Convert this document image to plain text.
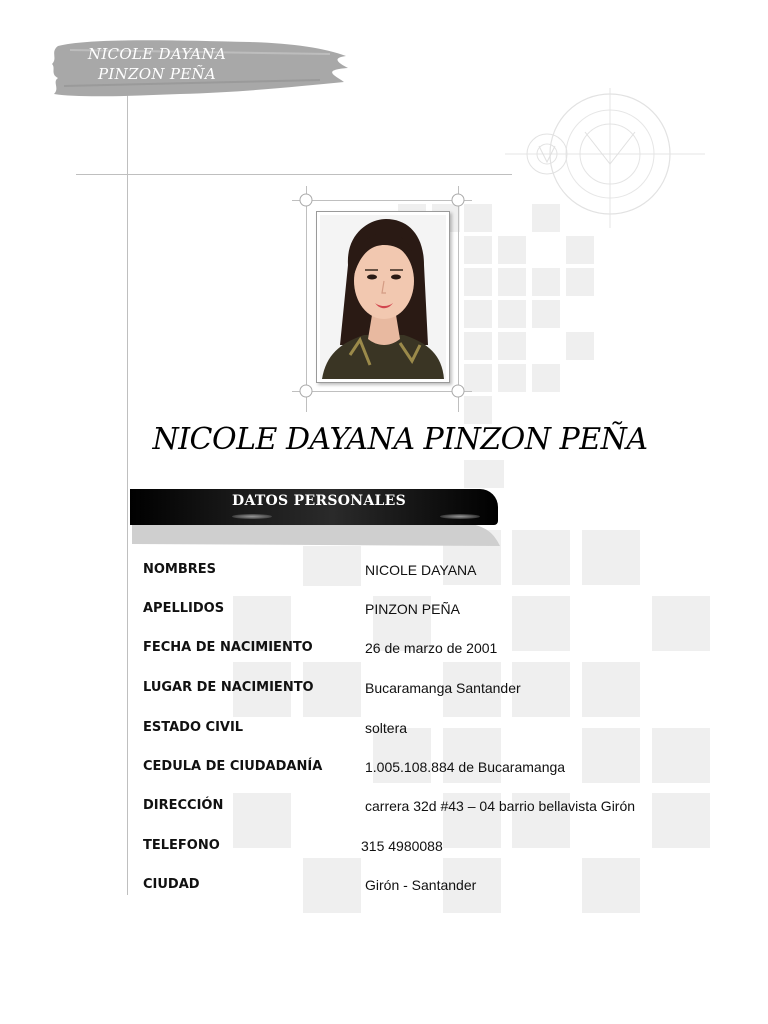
NICOLE DAYANA
PINZON PEÑA
NICOLE DAYANA PINZON PEÑA
DATOS PERSONALES
NOMBRES	NICOLE DAYANA
APELLIDOS	PINZON PEÑA
FECHA DE NACIMIENTO	26 de marzo de 2001
LUGAR DE NACIMIENTO	Bucaramanga Santander
ESTADO CIVIL	soltera
CEDULA DE CIUDADANÍA	1.005.108.884 de Bucaramanga
DIRECCIÓN	carrera 32d #43 – 04 barrio bellavista Girón
TELEFONO	315 4980088
CIUDAD	Girón - Santander
